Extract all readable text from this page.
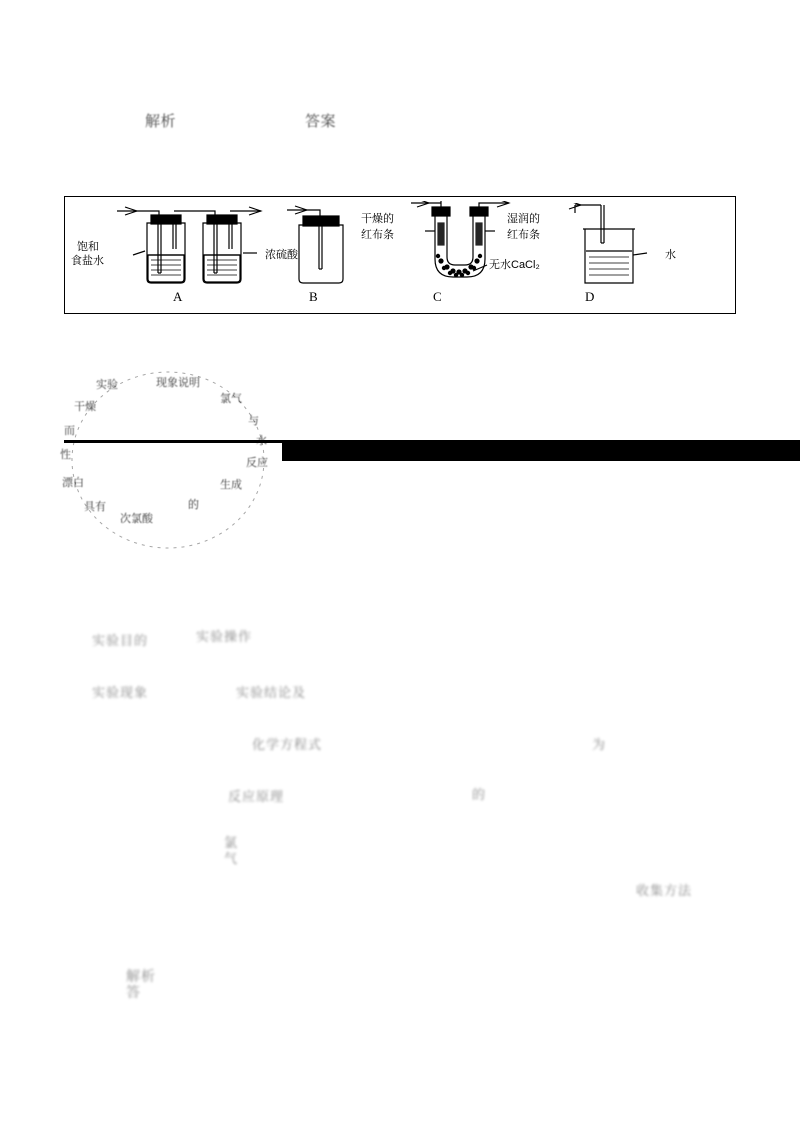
解析	答案
饱和
食盐水	浓硫酸
干燥的
红布条
湿润的
红布条
无水CaCl₂
水
A	B	C	D
实验	现象说明
氯气
与
反应
生成
的
次氯酸
具有
漂白
性
而
干燥
实验目的	实验操作
实验现象	实验结论及
化学方程式	为
反应原理	的
氯
气
收集方法
解析
答
